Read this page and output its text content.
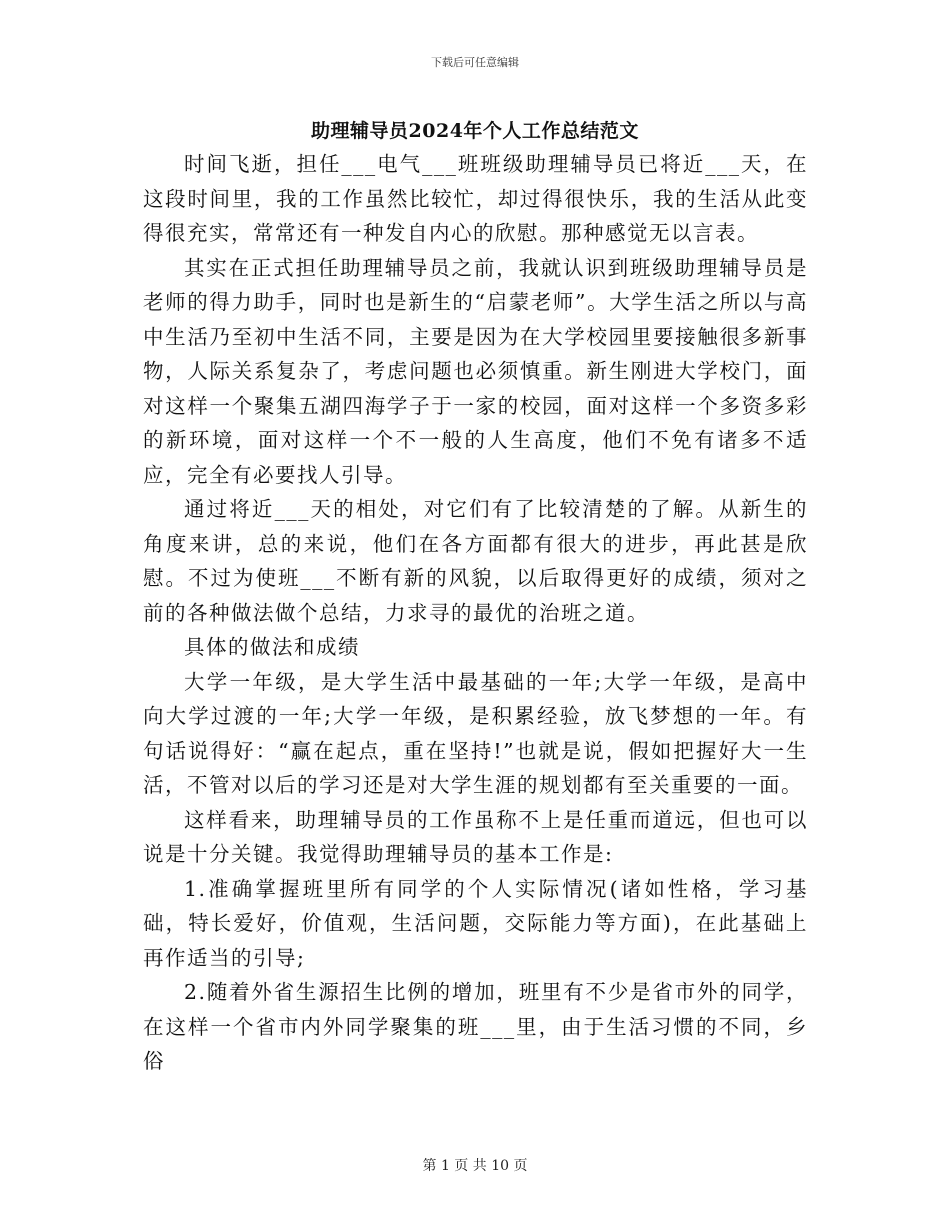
下载后可任意编辑
助理辅导员2024年个人工作总结范文

时间飞逝，担任___电气___班班级助理辅导员已将近___天，在这段时间里，我的工作虽然比较忙，却过得很快乐，我的生活从此变得很充实，常常还有一种发自内心的欣慰。那种感觉无以言表。

其实在正式担任助理辅导员之前，我就认识到班级助理辅导员是老师的得力助手，同时也是新生的“启蒙老师”。大学生活之所以与高中生活乃至初中生活不同，主要是因为在大学校园里要接触很多新事物，人际关系复杂了，考虑问题也必须慎重。新生刚进大学校门，面对这样一个聚集五湖四海学子于一家的校园，面对这样一个多资多彩的新环境，面对这样一个不一般的人生高度，他们不免有诸多不适应，完全有必要找人引导。

通过将近___天的相处，对它们有了比较清楚的了解。从新生的角度来讲，总的来说，他们在各方面都有很大的进步，再此甚是欣慰。不过为使班___不断有新的风貌，以后取得更好的成绩，须对之前的各种做法做个总结，力求寻的最优的治班之道。

具体的做法和成绩

大学一年级，是大学生活中最基础的一年;大学一年级，是高中向大学过渡的一年;大学一年级，是积累经验，放飞梦想的一年。有句话说得好：“赢在起点，重在坚持!”也就是说，假如把握好大一生活，不管对以后的学习还是对大学生涯的规划都有至关重要的一面。

这样看来，助理辅导员的工作虽称不上是任重而道远，但也可以说是十分关键。我觉得助理辅导员的基本工作是:

1.准确掌握班里所有同学的个人实际情况(诸如性格，学习基础，特长爱好，价值观，生活问题，交际能力等方面)，在此基础上再作适当的引导;

2.随着外省生源招生比例的增加，班里有不少是省市外的同学，在这样一个省市内外同学聚集的班___里，由于生活习惯的不同，乡俗

第 1 页 共 10 页
